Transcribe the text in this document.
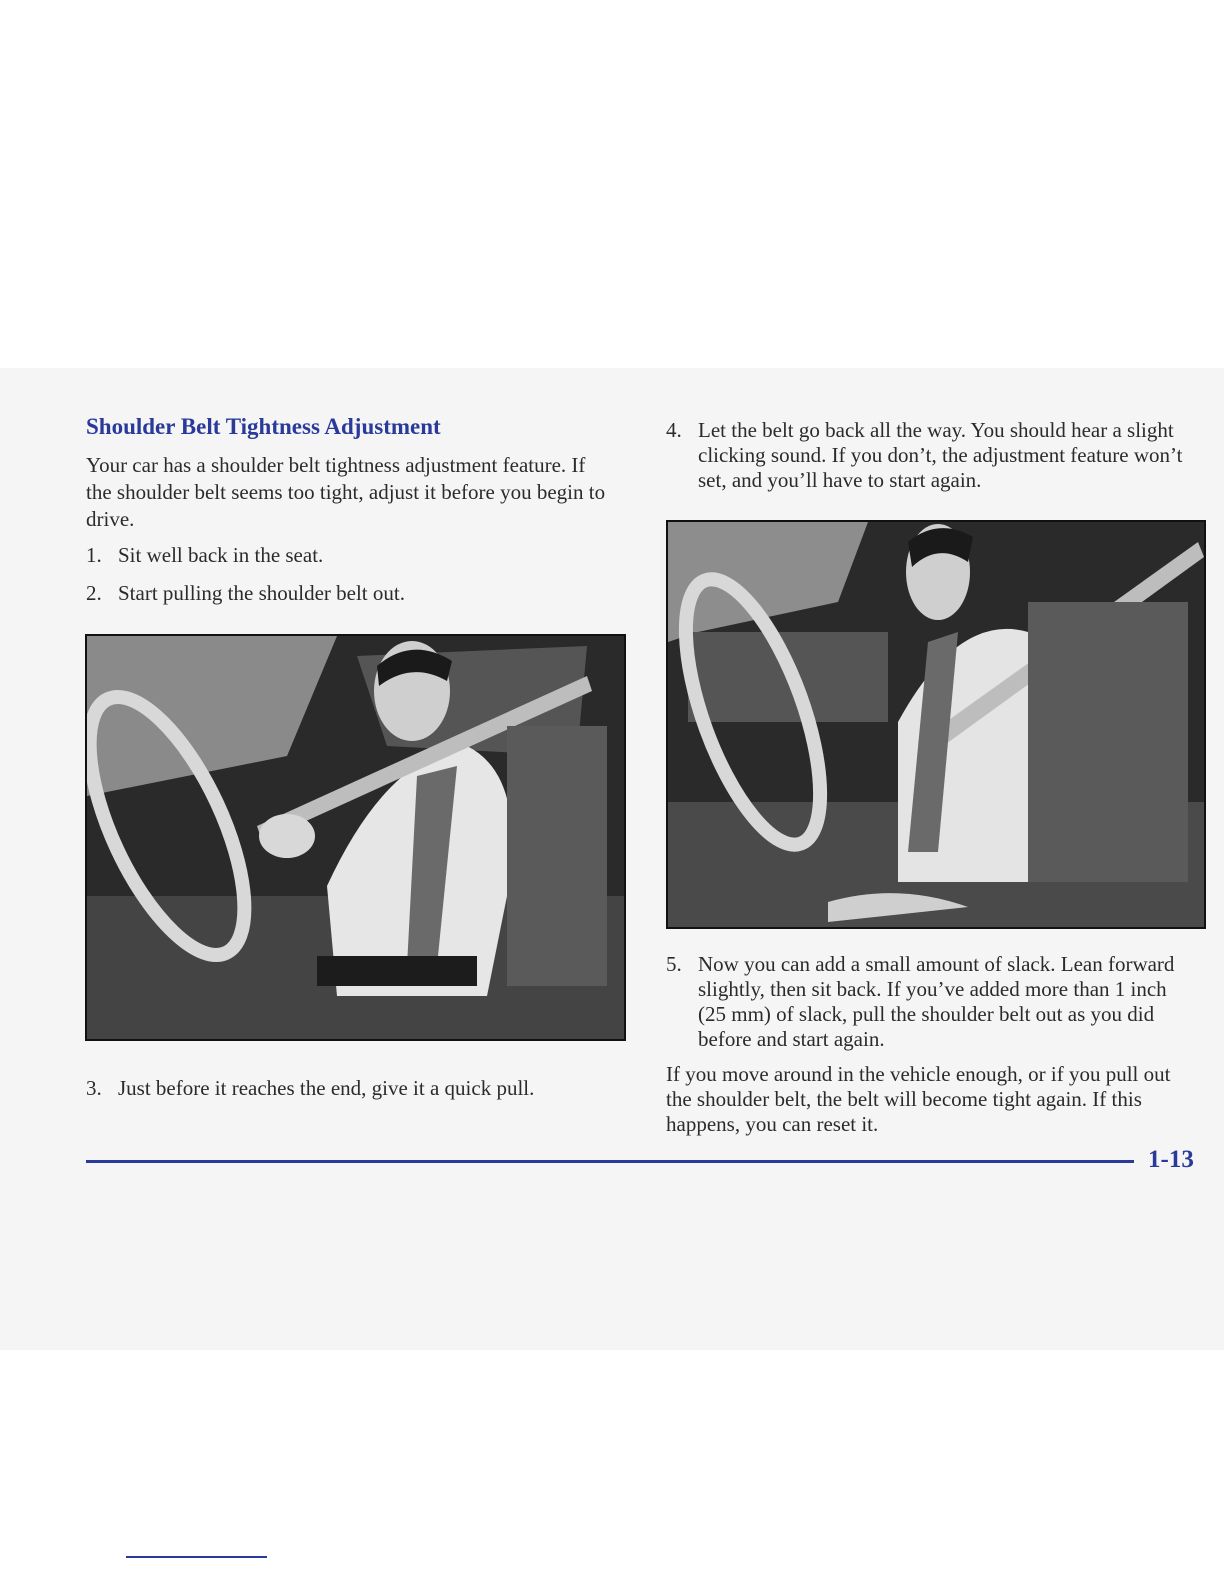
Shoulder Belt Tightness Adjustment

Your car has a shoulder belt tightness adjustment feature. If the shoulder belt seems too tight, adjust it before you begin to drive.

1. Sit well back in the seat.
2. Start pulling the shoulder belt out.
3. Just before it reaches the end, give it a quick pull.
4. Let the belt go back all the way. You should hear a slight clicking sound. If you don’t, the adjustment feature won’t set, and you’ll have to start again.
5. Now you can add a small amount of slack. Lean forward slightly, then sit back. If you’ve added more than 1 inch (25 mm) of slack, pull the shoulder belt out as you did before and start again.

If you move around in the vehicle enough, or if you pull out the shoulder belt, the belt will become tight again. If this happens, you can reset it.

1-13
